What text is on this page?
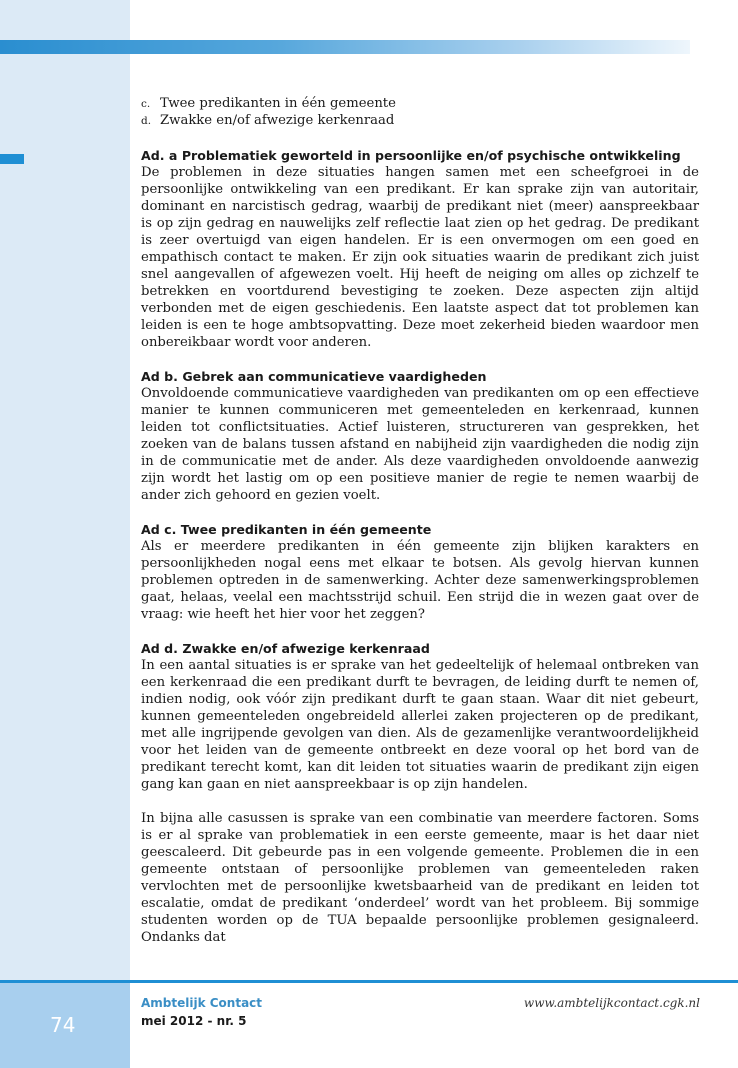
c. Twee predikanten in één gemeente
d. Zwakke en/of afwezige kerkenraad

Ad. a Problematiek geworteld in persoonlijke en/of psychische ontwikkeling

De problemen in deze situaties hangen samen met een scheefgroei in de persoonlijke ontwikkeling van een predikant. Er kan sprake zijn van autoritair, dominant en narcistisch gedrag, waarbij de predikant niet (meer) aanspreekbaar is op zijn gedrag en nauwelijks zelf reflectie laat zien op het gedrag. De predikant is zeer overtuigd van eigen handelen. Er is een onvermogen om een goed en empathisch contact te maken. Er zijn ook situaties waarin de predikant zich juist snel aangevallen of afgewezen voelt. Hij heeft de neiging om alles op zichzelf te betrekken en voortdurend bevestiging te zoeken. Deze aspecten zijn altijd verbonden met de eigen geschiedenis. Een laatste aspect dat tot problemen kan leiden is een te hoge ambtsopvatting. Deze moet zekerheid bieden waardoor men onbereikbaar wordt voor anderen.

Ad b. Gebrek aan communicatieve vaardigheden

Onvoldoende communicatieve vaardigheden van predikanten om op een effectieve manier te kunnen communiceren met gemeenteleden en kerkenraad, kunnen leiden tot conflictsituaties. Actief luisteren, structureren van gesprekken, het zoeken van de balans tussen afstand en nabijheid zijn vaardigheden die nodig zijn in de communicatie met de ander. Als deze vaardigheden onvoldoende aanwezig zijn wordt het lastig om op een positieve manier de regie te nemen waarbij de ander zich gehoord en gezien voelt.

Ad c. Twee predikanten in één gemeente

Als er meerdere predikanten in één gemeente zijn blijken karakters en persoonlijkheden nogal eens met elkaar te botsen. Als gevolg hiervan kunnen problemen optreden in de samenwerking. Achter deze samenwerkingsproblemen gaat, helaas, veelal een machtsstrijd schuil. Een strijd die in wezen gaat over de vraag: wie heeft het hier voor het zeggen?

Ad d. Zwakke en/of afwezige kerkenraad

In een aantal situaties is er sprake van het gedeeltelijk of helemaal ontbreken van een kerkenraad die een predikant durft te bevragen, de leiding durft te nemen of, indien nodig, ook vóór zijn predikant durft te gaan staan. Waar dit niet gebeurt, kunnen gemeenteleden ongebreideld allerlei zaken projecteren op de predikant, met alle ingrijpende gevolgen van dien. Als de gezamenlijke verantwoordelijkheid voor het leiden van de gemeente ontbreekt en deze vooral op het bord van de predikant terecht komt, kan dit leiden tot situaties waarin de predikant zijn eigen gang kan gaan en niet aanspreekbaar is op zijn handelen.

In bijna alle casussen is sprake van een combinatie van meerdere factoren. Soms is er al sprake van problematiek in een eerste gemeente, maar is het daar niet geescaleerd. Dit gebeurde pas in een volgende gemeente. Problemen die in een gemeente ontstaan of persoonlijke problemen van gemeenteleden raken vervlochten met de persoonlijke kwetsbaarheid van de predikant en leiden tot escalatie, omdat de predikant ‘onderdeel’ wordt van het probleem. Bij sommige studenten worden op de TUA bepaalde persoonlijke problemen gesignaleerd. Ondanks dat

74
Ambtelijk Contact
mei 2012 - nr. 5
www.ambtelijkcontact.cgk.nl
